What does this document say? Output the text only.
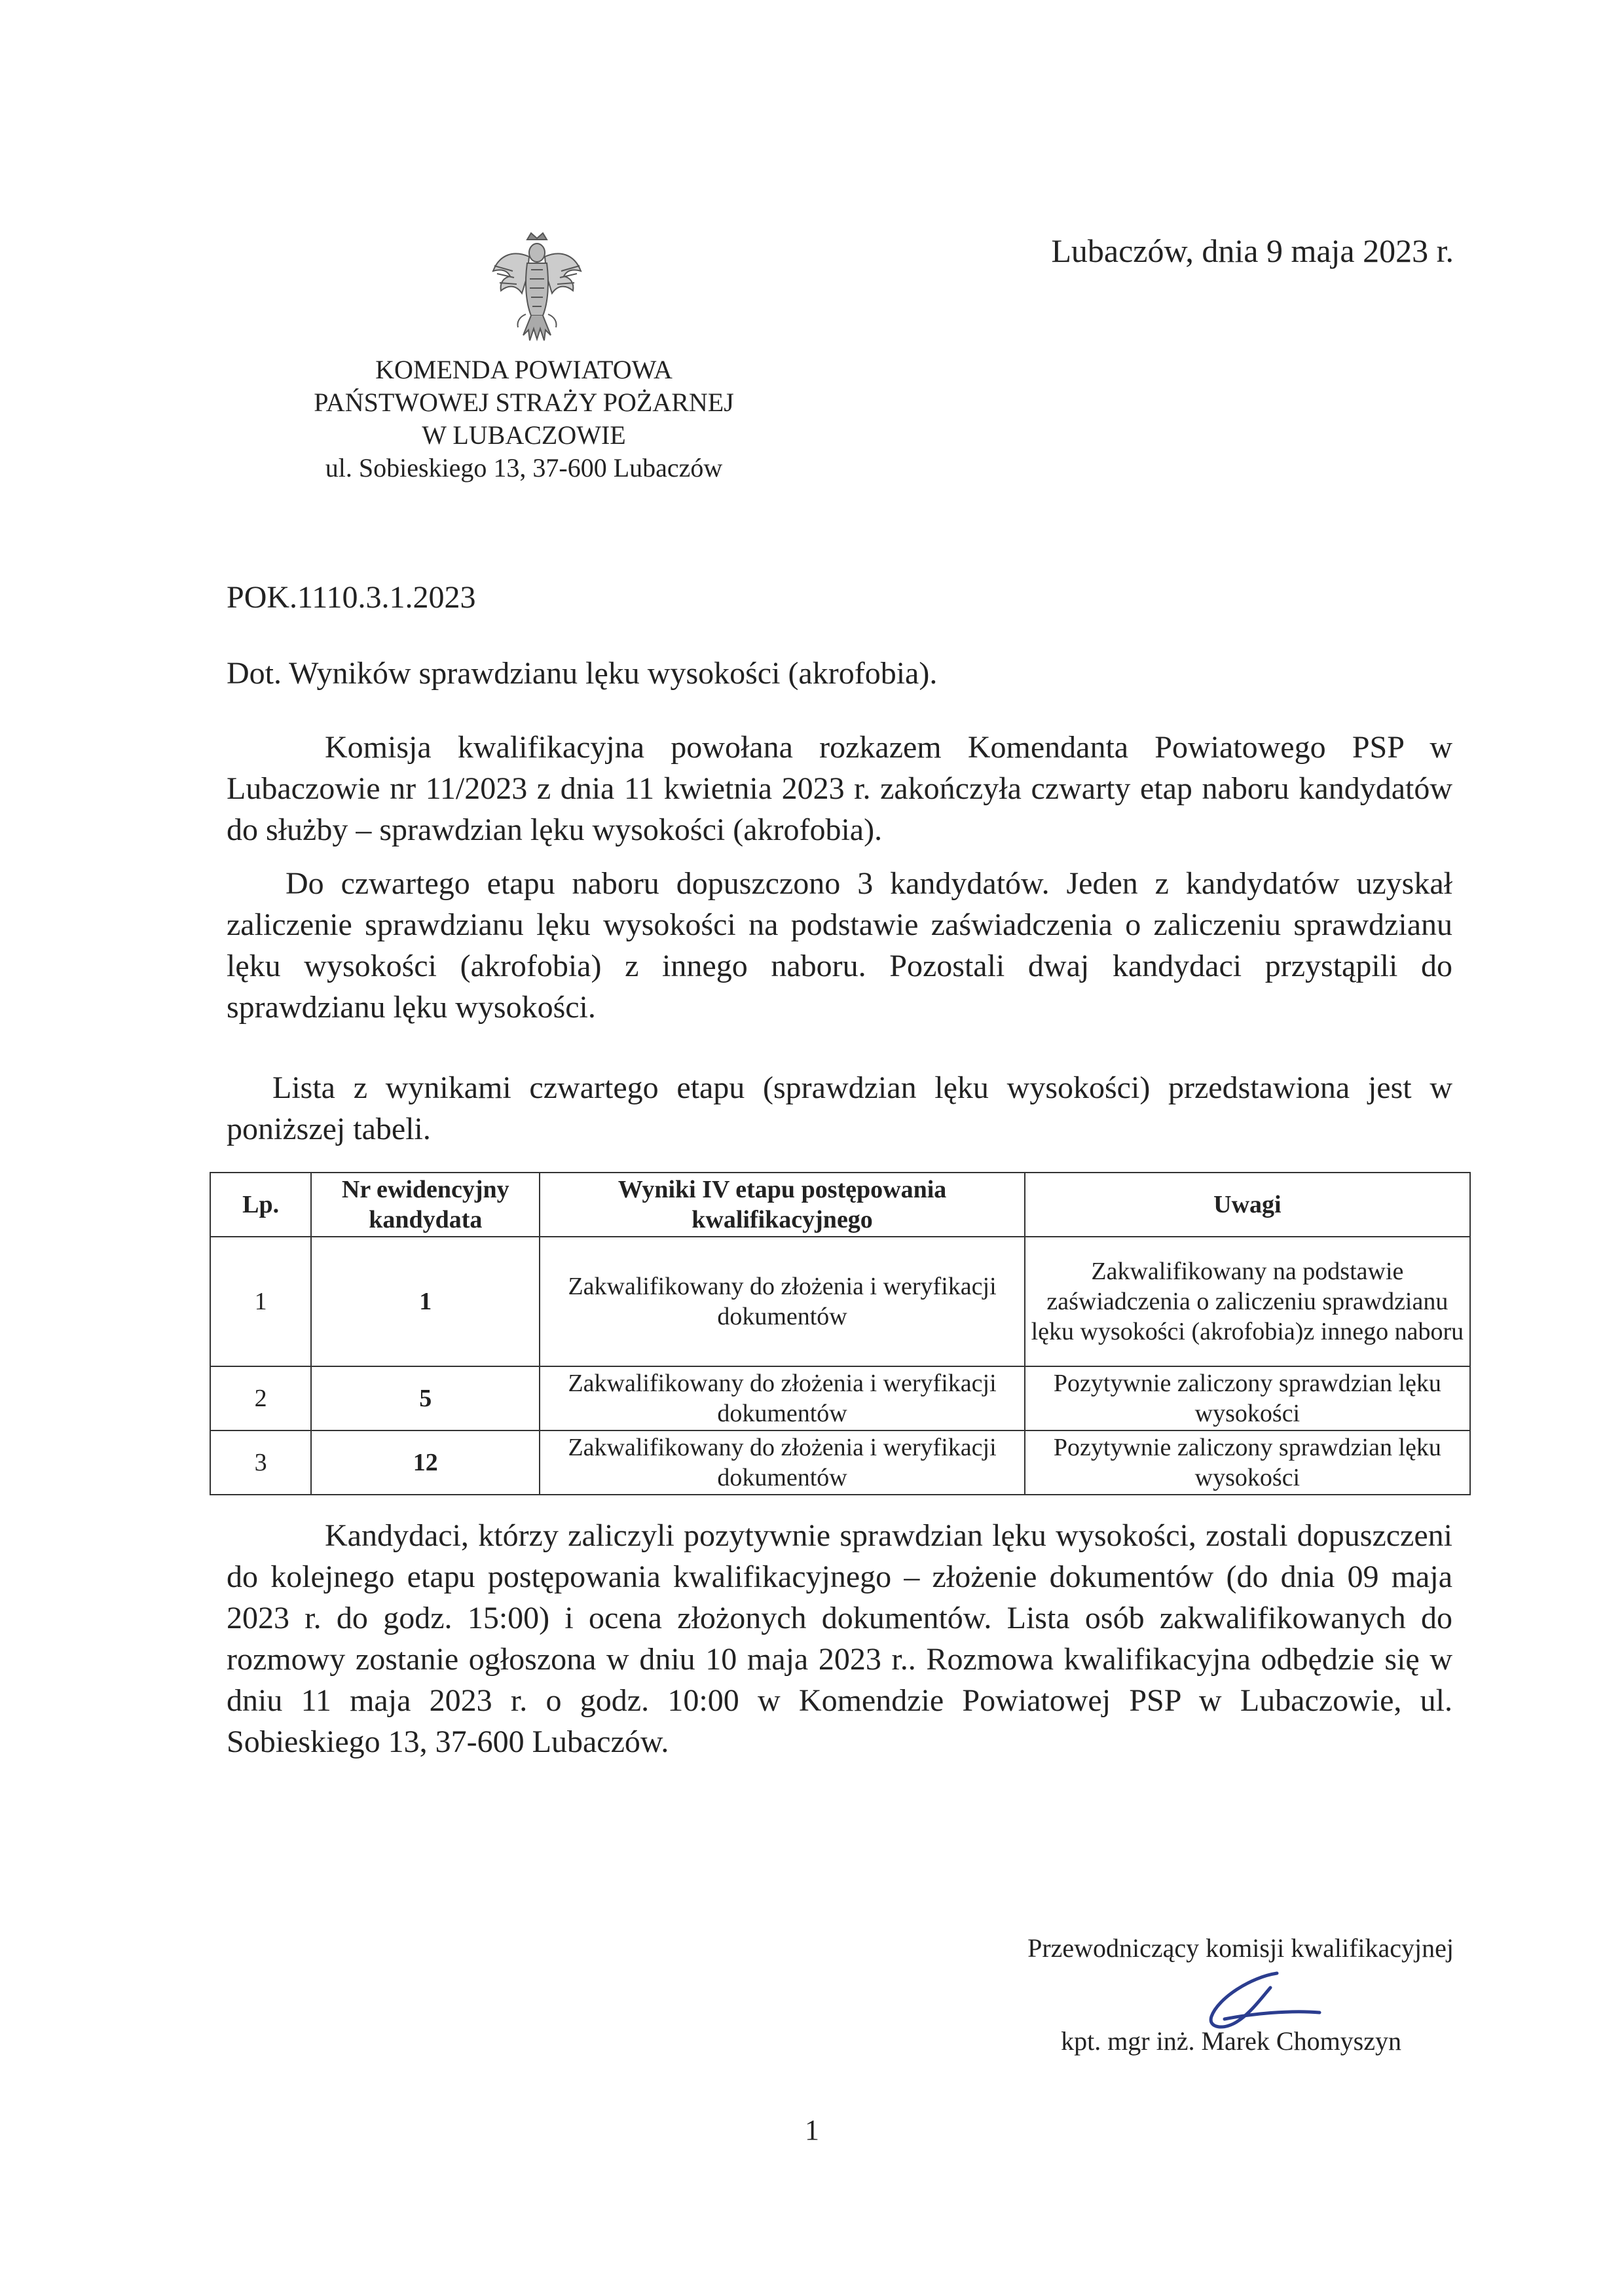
Lubaczów, dnia 9 maja 2023 r.
KOMENDA POWIATOWA
PAŃSTWOWEJ STRAŻY POŻARNEJ
W LUBACZOWIE
ul. Sobieskiego 13, 37-600 Lubaczów
POK.1110.3.1.2023
Dot. Wyników sprawdzianu lęku wysokości (akrofobia).
Komisja kwalifikacyjna powołana rozkazem Komendanta Powiatowego PSP w Lubaczowie nr 11/2023 z dnia 11 kwietnia 2023 r. zakończyła czwarty etap naboru kandydatów do służby – sprawdzian lęku wysokości (akrofobia).
Do czwartego etapu naboru dopuszczono 3 kandydatów. Jeden z kandydatów uzyskał zaliczenie sprawdzianu lęku wysokości na podstawie zaświadczenia o zaliczeniu sprawdzianu lęku wysokości (akrofobia) z innego naboru. Pozostali dwaj kandydaci przystąpili do sprawdzianu lęku wysokości.
Lista z wynikami czwartego etapu (sprawdzian lęku wysokości) przedstawiona jest w poniższej tabeli.
Lp.	Nr ewidencyjny kandydata	Wyniki IV etapu postępowania kwalifikacyjnego	Uwagi
1	1	Zakwalifikowany do złożenia i weryfikacji dokumentów	Zakwalifikowany na podstawie zaświadczenia o zaliczeniu sprawdzianu lęku wysokości (akrofobia)z innego naboru
2	5	Zakwalifikowany do złożenia i weryfikacji dokumentów	Pozytywnie zaliczony sprawdzian lęku wysokości
3	12	Zakwalifikowany do złożenia i weryfikacji dokumentów	Pozytywnie zaliczony sprawdzian lęku wysokości
Kandydaci, którzy zaliczyli pozytywnie sprawdzian lęku wysokości, zostali dopuszczeni do kolejnego etapu postępowania kwalifikacyjnego – złożenie dokumentów (do dnia 09 maja 2023 r. do godz. 15:00) i ocena złożonych dokumentów. Lista osób zakwalifikowanych do rozmowy zostanie ogłoszona w dniu 10 maja 2023 r.. Rozmowa kwalifikacyjna odbędzie się w dniu 11 maja 2023 r. o godz. 10:00 w Komendzie Powiatowej PSP w Lubaczowie, ul. Sobieskiego 13, 37-600 Lubaczów.
Przewodniczący komisji kwalifikacyjnej
kpt. mgr inż. Marek Chomyszyn
1
